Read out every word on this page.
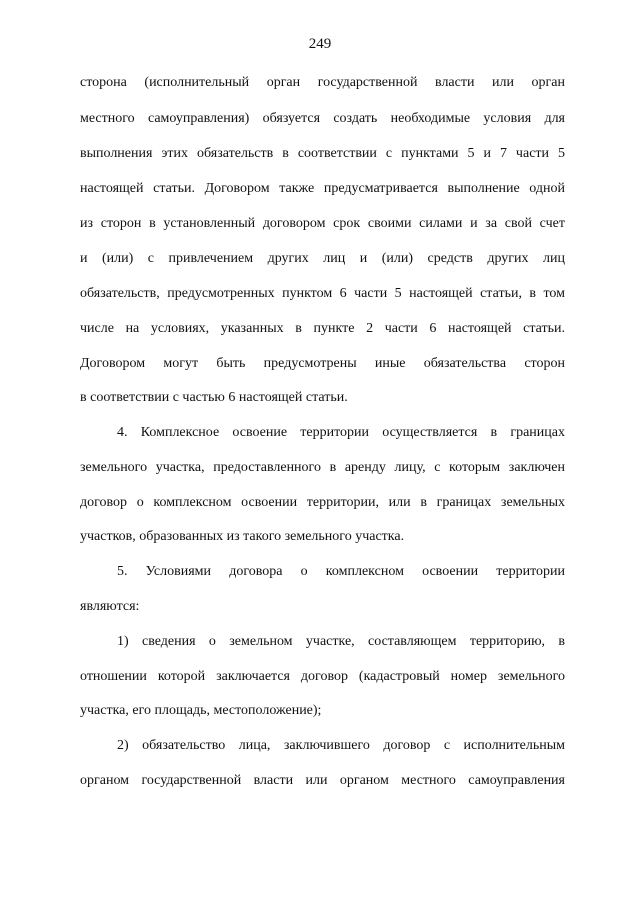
249
сторона (исполнительный орган государственной власти или орган
местного самоуправления) обязуется создать необходимые условия для
выполнения этих обязательств в соответствии с пунктами 5 и 7 части 5
настоящей статьи. Договором также предусматривается выполнение одной
из сторон в установленный договором срок своими силами и за свой счет
и (или) с привлечением других лиц и (или) средств других лиц
обязательств, предусмотренных пунктом 6 части 5 настоящей статьи, в том
числе на условиях, указанных в пункте 2 части 6 настоящей статьи.
Договором могут быть предусмотрены иные обязательства сторон
в соответствии с частью 6 настоящей статьи.
4. Комплексное освоение территории осуществляется в границах
земельного участка, предоставленного в аренду лицу, с которым заключен
договор о комплексном освоении территории, или в границах земельных
участков, образованных из такого земельного участка.
5. Условиями договора о комплексном освоении территории
являются:
1) сведения о земельном участке, составляющем территорию, в
отношении которой заключается договор (кадастровый номер земельного
участка, его площадь, местоположение);
2) обязательство лица, заключившего договор с исполнительным
органом государственной власти или органом местного самоуправления
